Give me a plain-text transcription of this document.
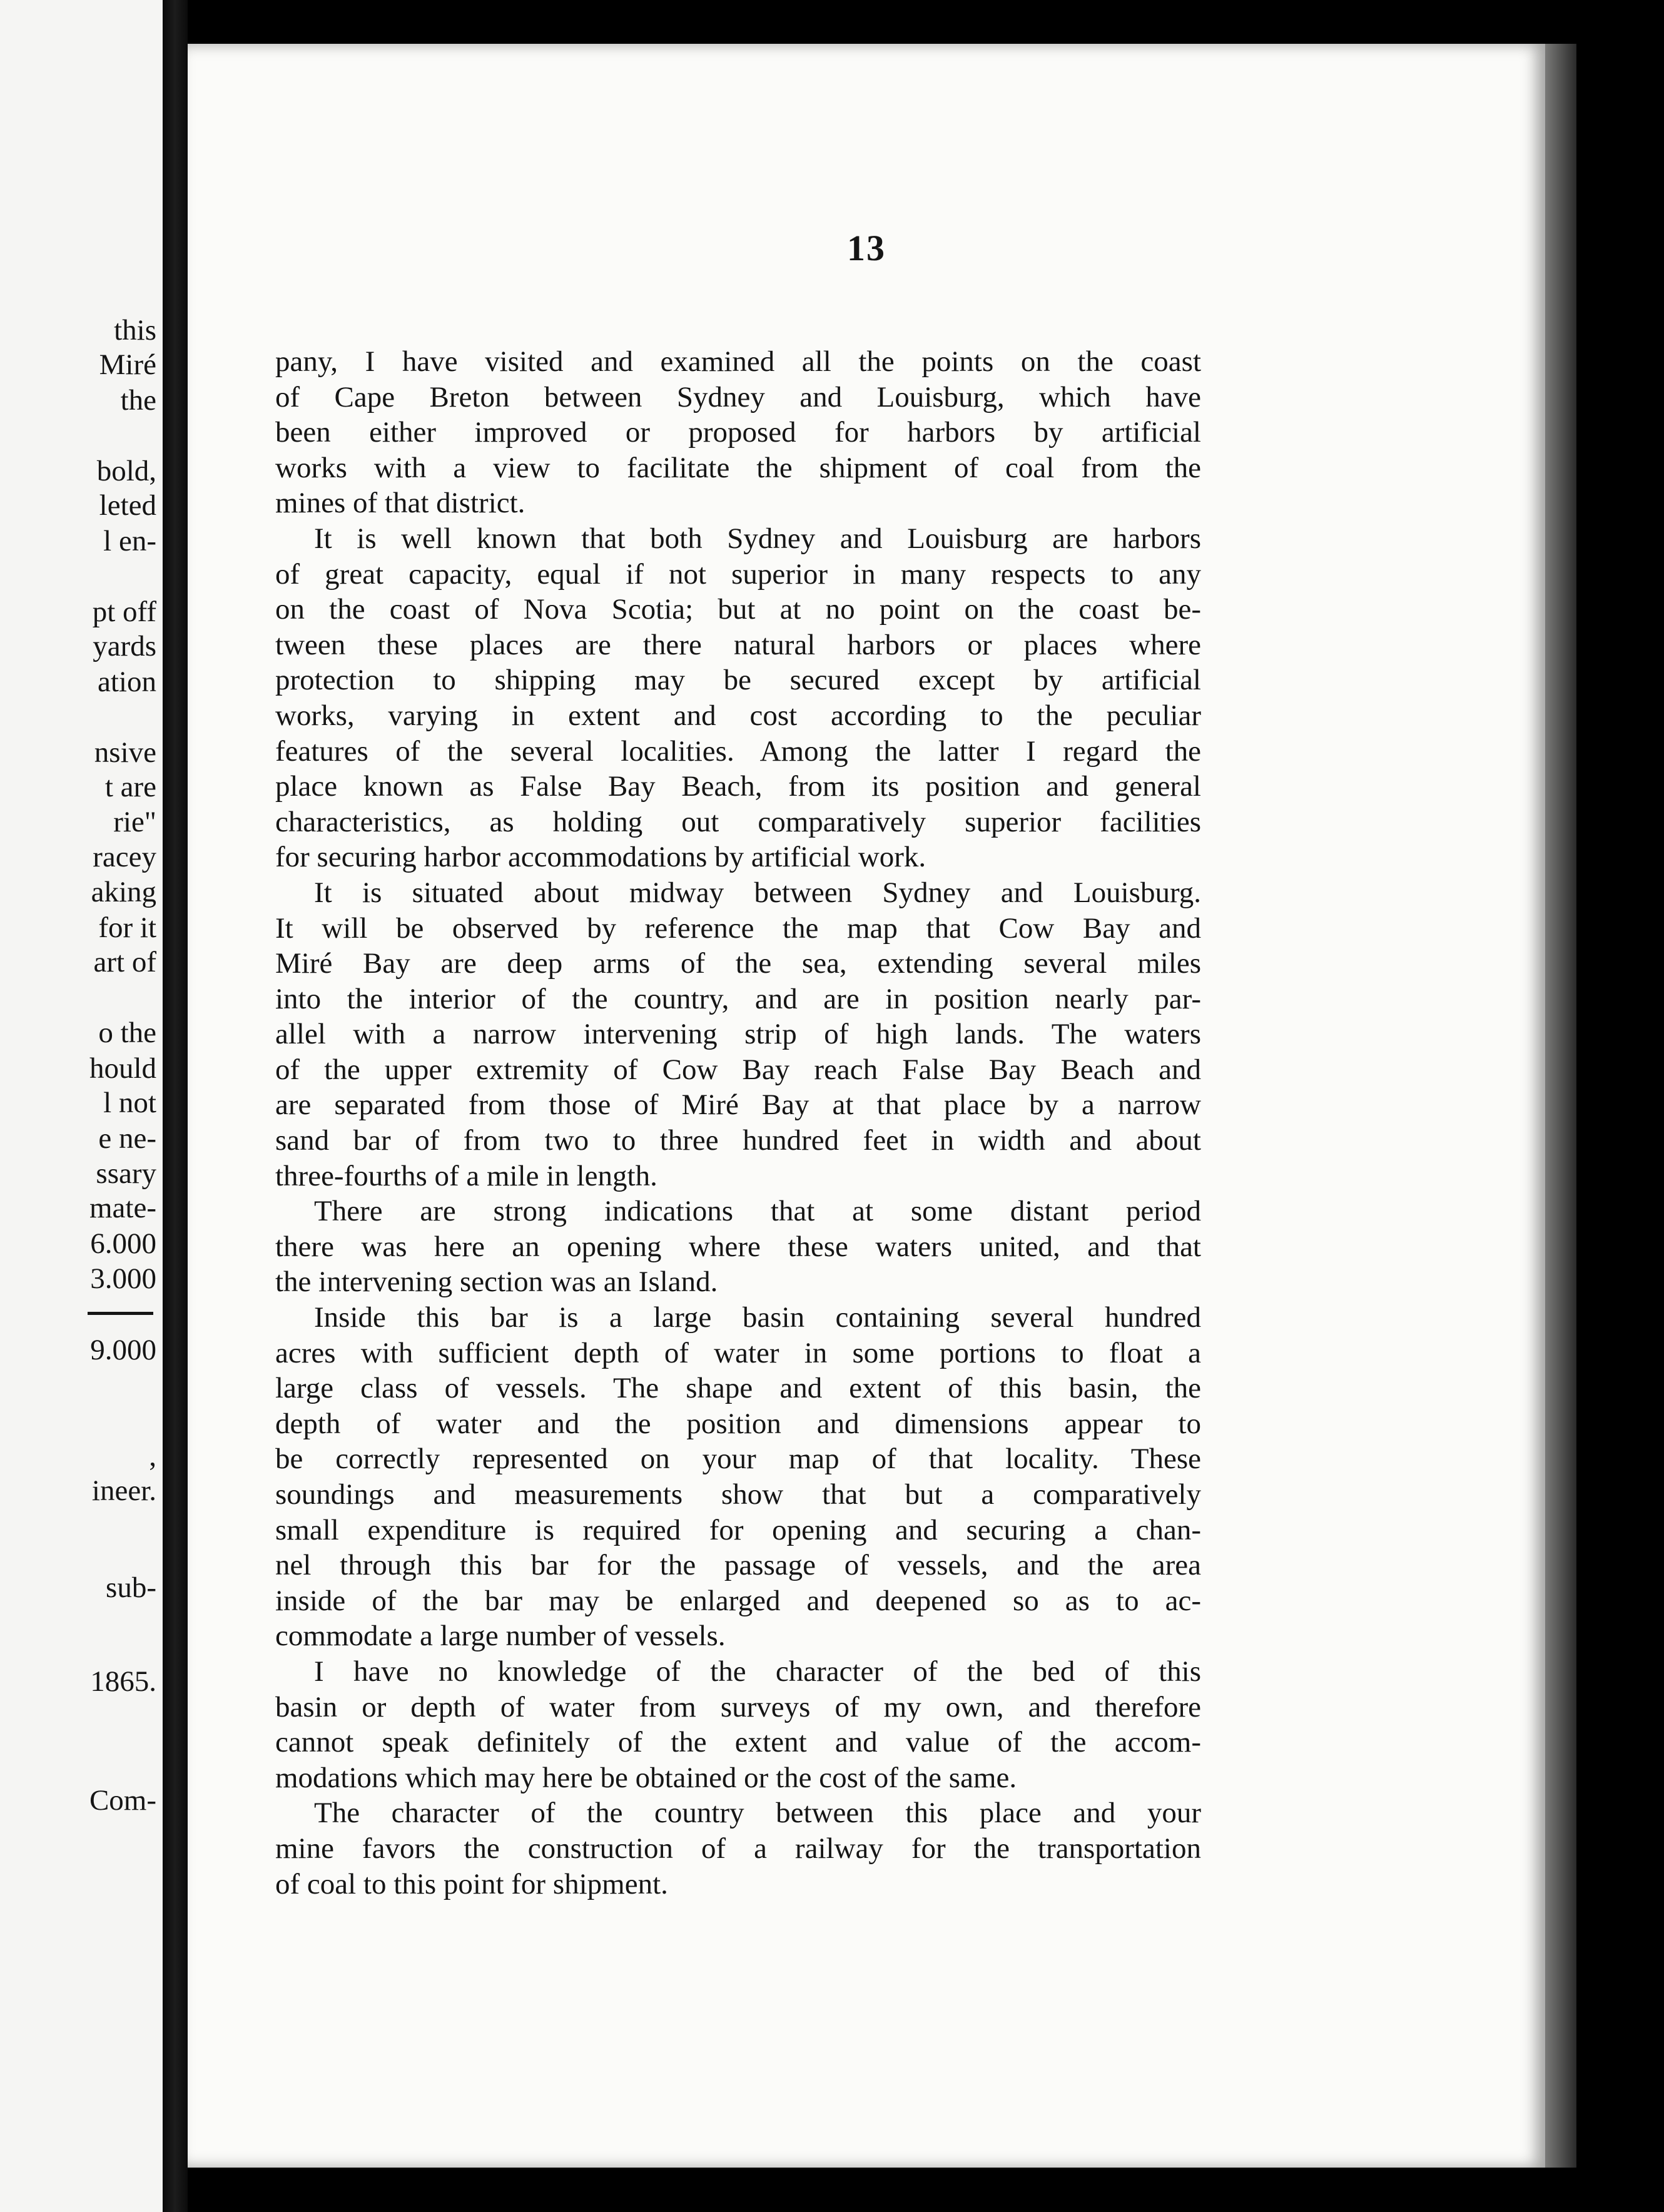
this
Miré
the
bold,
leted
l en-
pt off
yards
ation
nsive
t are
rie"
racey
aking
for it
art of
o the
hould
l not
e ne-
ssary
mate-
6.000
3.000
9.000
,
ineer.
sub-
1865.
Com-
13
pany, I have visited and examined all the points on the coast
of Cape Breton between Sydney and Louisburg, which have
been either improved or proposed for harbors by artificial
works with a view to facilitate the shipment of coal from the
mines of that district.
It is well known that both Sydney and Louisburg are harbors
of great capacity, equal if not superior in many respects to any
on the coast of Nova Scotia; but at no point on the coast be-
tween these places are there natural harbors or places where
protection to shipping may be secured except by artificial
works, varying in extent and cost according to the peculiar
features of the several localities. Among the latter I regard the
place known as False Bay Beach, from its position and general
characteristics, as holding out comparatively superior facilities
for securing harbor accommodations by artificial work.
It is situated about midway between Sydney and Louisburg.
It will be observed by reference the map that Cow Bay and
Miré Bay are deep arms of the sea, extending several miles
into the interior of the country, and are in position nearly par-
allel with a narrow intervening strip of high lands. The waters
of the upper extremity of Cow Bay reach False Bay Beach and
are separated from those of Miré Bay at that place by a narrow
sand bar of from two to three hundred feet in width and about
three-fourths of a mile in length.
There are strong indications that at some distant period
there was here an opening where these waters united, and that
the intervening section was an Island.
Inside this bar is a large basin containing several hundred
acres with sufficient depth of water in some portions to float a
large class of vessels. The shape and extent of this basin, the
depth of water and the position and dimensions appear to
be correctly represented on your map of that locality. These
soundings and measurements show that but a comparatively
small expenditure is required for opening and securing a chan-
nel through this bar for the passage of vessels, and the area
inside of the bar may be enlarged and deepened so as to ac-
commodate a large number of vessels.
I have no knowledge of the character of the bed of this
basin or depth of water from surveys of my own, and therefore
cannot speak definitely of the extent and value of the accom-
modations which may here be obtained or the cost of the same.
The character of the country between this place and your
mine favors the construction of a railway for the transportation
of coal to this point for shipment.
